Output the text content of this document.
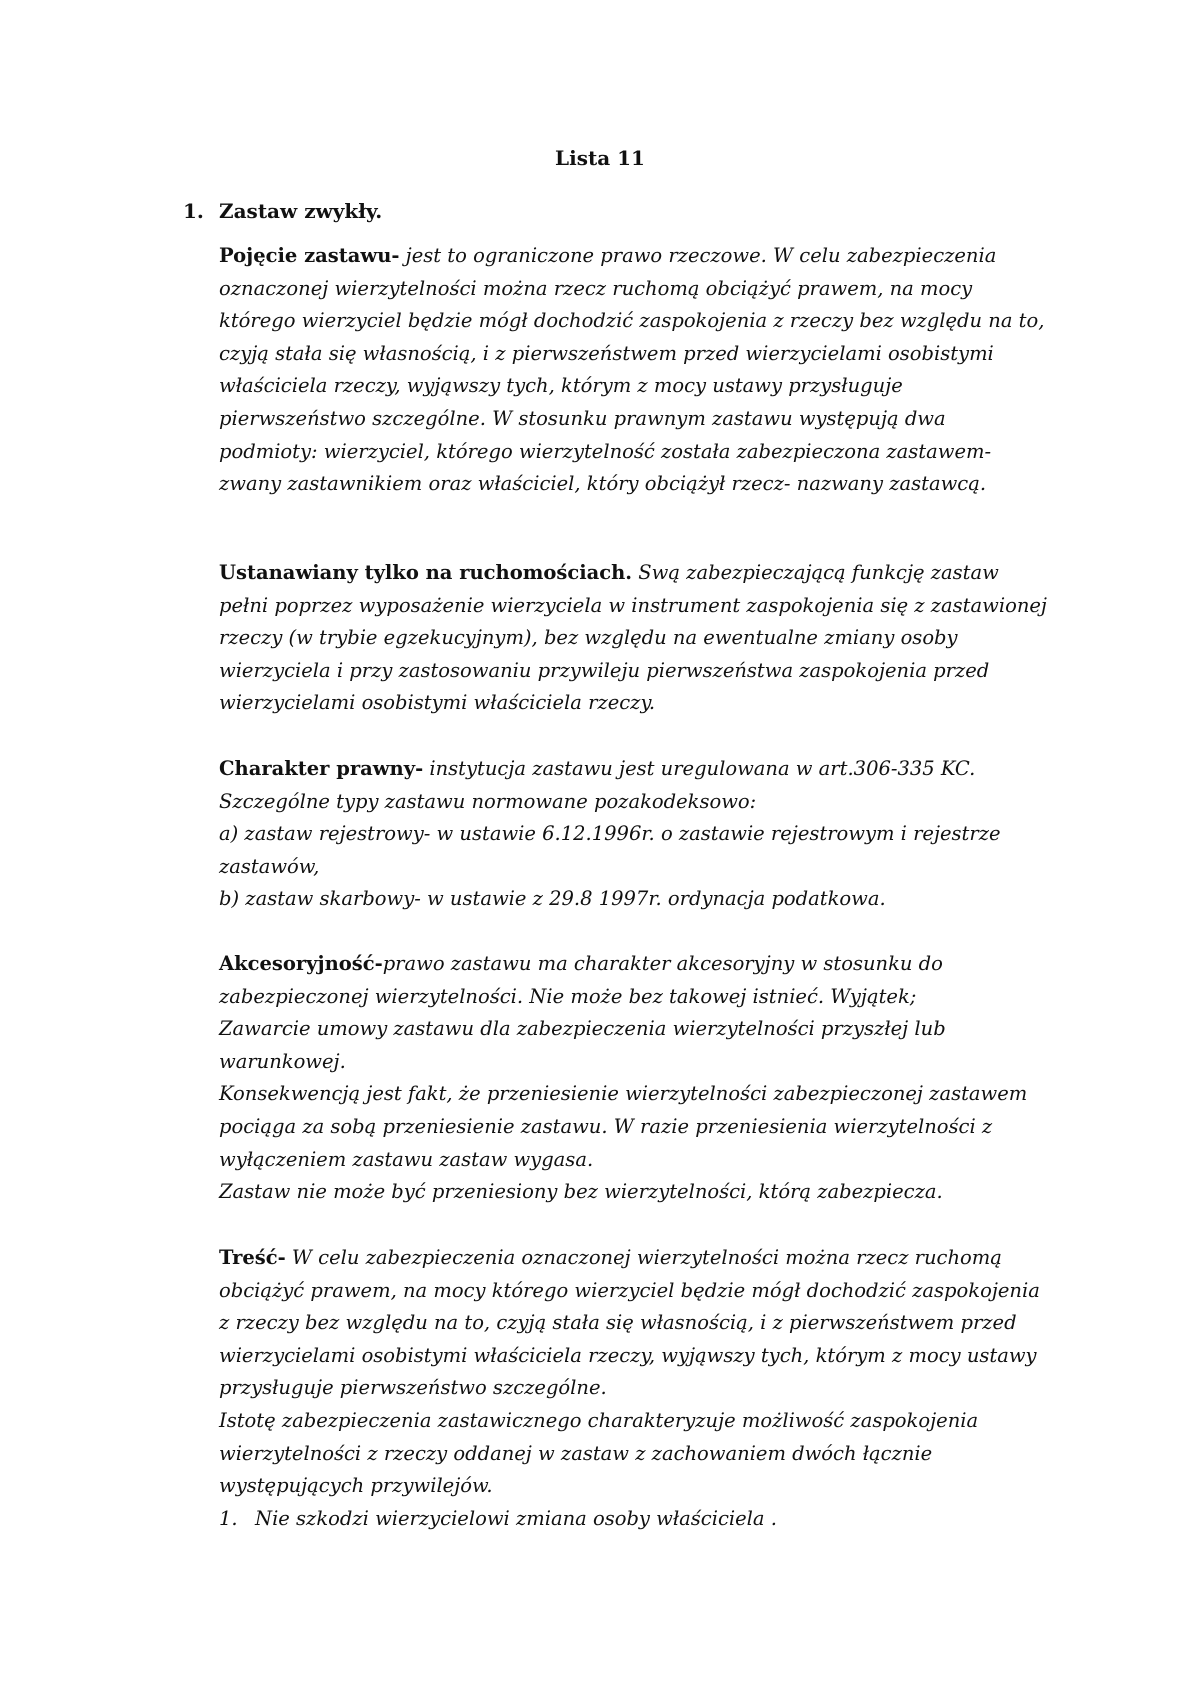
Lista 11
1. Zastaw zwykły.
Pojęcie zastawu- jest to ograniczone prawo rzeczowe. W celu zabezpieczenia
oznaczonej wierzytelności można rzecz ruchomą obciążyć prawem, na mocy
którego wierzyciel będzie mógł dochodzić zaspokojenia z rzeczy bez względu na to,
czyją stała się własnością, i z pierwszeństwem przed wierzycielami osobistymi
właściciela rzeczy, wyjąwszy tych, którym z mocy ustawy przysługuje
pierwszeństwo szczególne. W stosunku prawnym zastawu występują dwa
podmioty: wierzyciel, którego wierzytelność została zabezpieczona zastawem-
zwany zastawnikiem oraz właściciel, który obciążył rzecz- nazwany zastawcą.
Ustanawiany tylko na ruchomościach. Swą zabezpieczającą funkcję zastaw
pełni poprzez wyposażenie wierzyciela w instrument zaspokojenia się z zastawionej
rzeczy (w trybie egzekucyjnym), bez względu na ewentualne zmiany osoby
wierzyciela i przy zastosowaniu przywileju pierwszeństwa zaspokojenia przed
wierzycielami osobistymi właściciela rzeczy.
Charakter prawny- instytucja zastawu jest uregulowana w art.306-335 KC.
Szczególne typy zastawu normowane pozakodeksowo:
a) zastaw rejestrowy- w ustawie 6.12.1996r. o zastawie rejestrowym i rejestrze
zastawów,
b) zastaw skarbowy- w ustawie z 29.8 1997r. ordynacja podatkowa.
Akcesoryjność-prawo zastawu ma charakter akcesoryjny w stosunku do
zabezpieczonej wierzytelności. Nie może bez takowej istnieć. Wyjątek;
Zawarcie umowy zastawu dla zabezpieczenia wierzytelności przyszłej lub
warunkowej.
Konsekwencją jest fakt, że przeniesienie wierzytelności zabezpieczonej zastawem
pociąga za sobą przeniesienie zastawu. W razie przeniesienia wierzytelności z
wyłączeniem zastawu zastaw wygasa.
Zastaw nie może być przeniesiony bez wierzytelności, którą zabezpiecza.
Treść- W celu zabezpieczenia oznaczonej wierzytelności można rzecz ruchomą
obciążyć prawem, na mocy którego wierzyciel będzie mógł dochodzić zaspokojenia
z rzeczy bez względu na to, czyją stała się własnością, i z pierwszeństwem przed
wierzycielami osobistymi właściciela rzeczy, wyjąwszy tych, którym z mocy ustawy
przysługuje pierwszeństwo szczególne.
Istotę zabezpieczenia zastawicznego charakteryzuje możliwość zaspokojenia
wierzytelności z rzeczy oddanej w zastaw z zachowaniem dwóch łącznie
występujących przywilejów.
1. Nie szkodzi wierzycielowi zmiana osoby właściciela .
